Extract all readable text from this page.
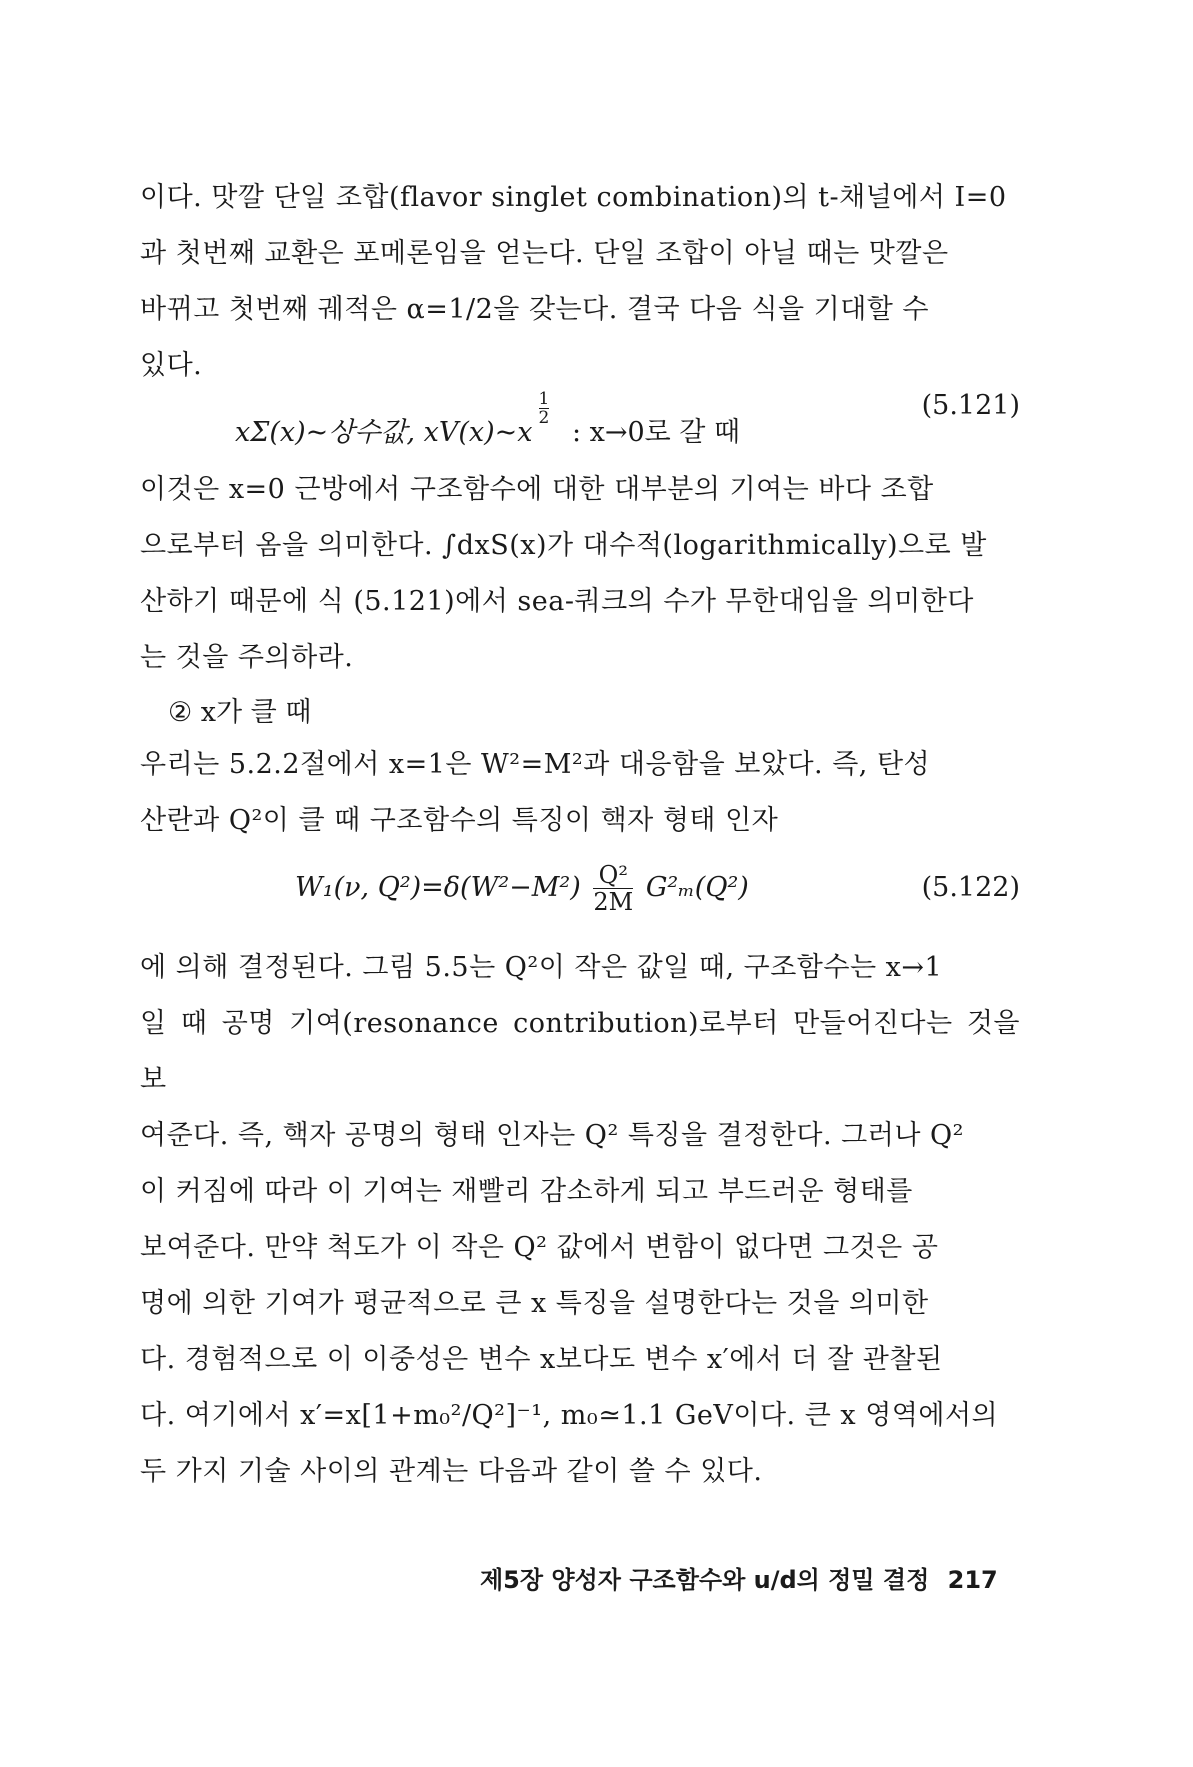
이다. 맛깔 단일 조합(flavor singlet combination)의 t-채널에서 I=0

과 첫번째 교환은 포메론임을 얻는다. 단일 조합이 아닐 때는 맛깔은

바뀌고 첫번째 궤적은 α=1/2을 갖는다. 결국 다음 식을 기대할 수

있다.

xΣ(x)~상수값, xV(x)~x
$\frac{1}{2}$
: x→0로 갈 때
(5.121)

이것은 x=0 근방에서 구조함수에 대한 대부분의 기여는 바다 조합

으로부터 옴을 의미한다. ∫dxS(x)가 대수적(logarithmically)으로 발

산하기 때문에 식 (5.121)에서 sea-쿼크의 수가 무한대임을 의미한다

는 것을 주의하라.

② x가 클 때

우리는 5.2.2절에서 x=1은 W²=M²과 대응함을 보았다. 즉, 탄성

산란과 Q²이 클 때 구조함수의 특징이 핵자 형태 인자

W₁(ν, $Q^2)=\delta(W^2-M^2) \frac{\text{Q²}}{2M} G^2_m(Q^2)$	(5.122)

에 의해 결정된다. 그림 5.5는 Q²이 작은 값일 때, 구조함수는 x→1

일 때 공명 기여(resonance contribution)로부터 만들어진다는 것을 보

여준다. 즉, 핵자 공명의 형태 인자는 Q² 특징을 결정한다. 그러나 Q²

이 커짐에 따라 이 기여는 재빨리 감소하게 되고 부드러운 형태를

보여준다. 만약 척도가 이 작은 Q² 값에서 변함이 없다면 그것은 공

명에 의한 기여가 평균적으로 큰 x 특징을 설명한다는 것을 의미한

다. 경험적으로 이 이중성은 변수 x보다도 변수 x′에서 더 잘 관찰된

다. 여기에서 x′=x[1+m₀²/Q²]⁻¹, m₀≃1.1 GeV이다. 큰 x 영역에서의

두 가지 기술 사이의 관계는 다음과 같이 쓸 수 있다.

제5장 양성자 구조함수와 u/d의 정밀 결정 217
